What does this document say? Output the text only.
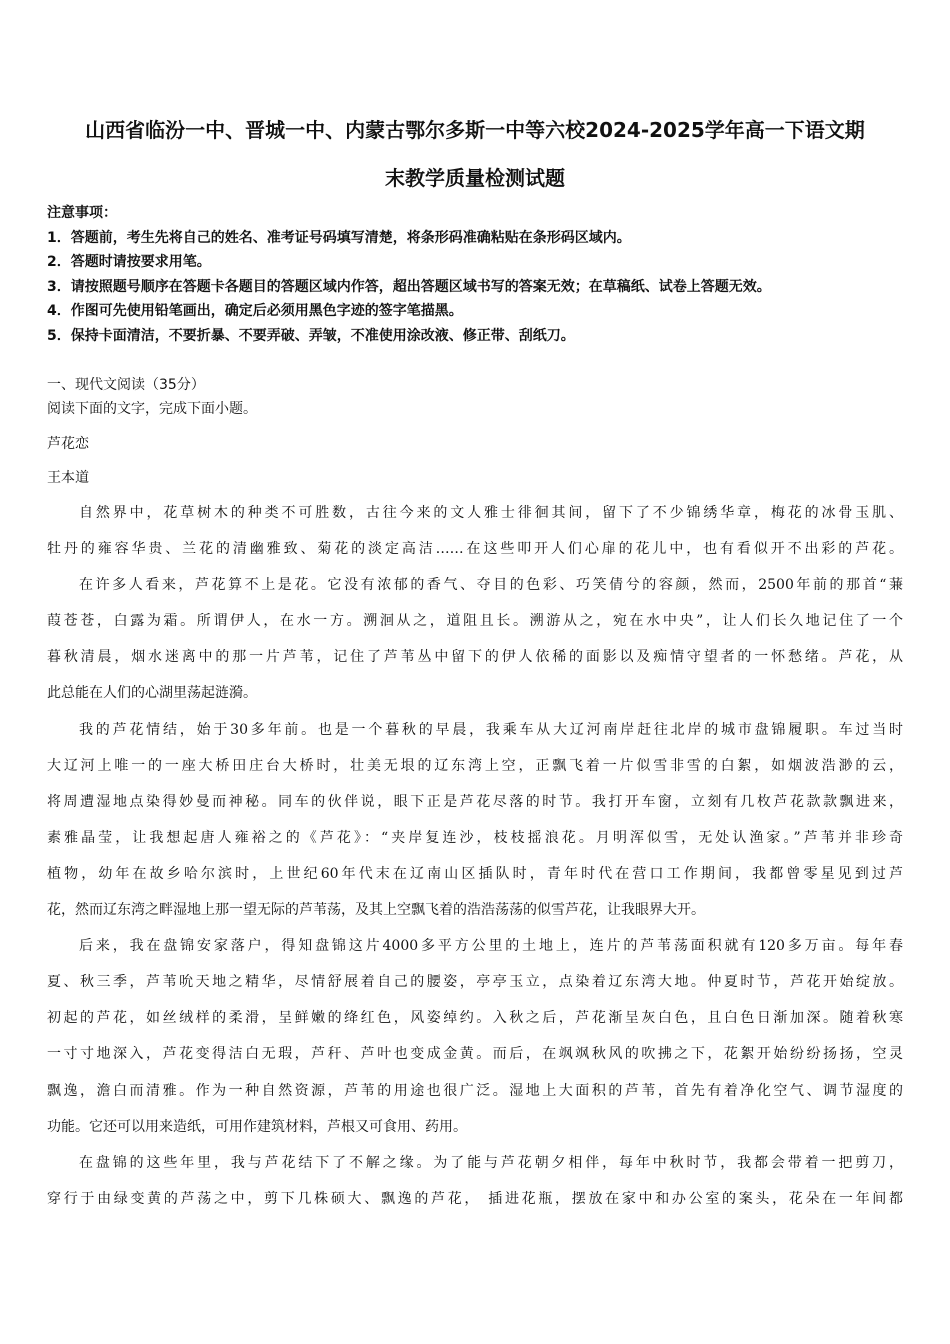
山西省临汾一中、晋城一中、内蒙古鄂尔多斯一中等六校2024-2025学年高一下语文期
末教学质量检测试题
注意事项：
1．答题前，考生先将自己的姓名、准考证号码填写清楚，将条形码准确粘贴在条形码区域内。
2．答题时请按要求用笔。
3．请按照题号顺序在答题卡各题目的答题区域内作答，超出答题区域书写的答案无效；在草稿纸、试卷上答题无效。
4．作图可先使用铅笔画出，确定后必须用黑色字迹的签字笔描黑。
5．保持卡面清洁，不要折暴、不要弄破、弄皱，不准使用涂改液、修正带、刮纸刀。
一、现代文阅读（35分）
阅读下面的文字，完成下面小题。
芦花恋
王本道
自然界中，花草树木的种类不可胜数，古往今来的文人雅士徘徊其间，留下了不少锦绣华章，梅花的冰骨玉肌、
牡丹的雍容华贵、兰花的清幽雅致、菊花的淡定高洁……在这些叩开人们心扉的花儿中，也有看似开不出彩的芦花。
在许多人看来，芦花算不上是花。它没有浓郁的香气、夺目的色彩、巧笑倩兮的容颜，然而，2500年前的那首“蒹
葭苍苍，白露为霜。所谓伊人，在水一方。溯洄从之，道阻且长。溯游从之，宛在水中央”，让人们长久地记住了一个
暮秋清晨，烟水迷离中的那一片芦苇，记住了芦苇丛中留下的伊人依稀的面影以及痴情守望者的一怀愁绪。芦花，从
此总能在人们的心湖里荡起涟漪。
我的芦花情结，始于30多年前。也是一个暮秋的早晨，我乘车从大辽河南岸赶往北岸的城市盘锦履职。车过当时
大辽河上唯一的一座大桥田庄台大桥时，壮美无垠的辽东湾上空，正飘飞着一片似雪非雪的白絮，如烟波浩渺的云，
将周遭湿地点染得妙曼而神秘。同车的伙伴说，眼下正是芦花尽落的时节。我打开车窗，立刻有几枚芦花款款飘进来，
素雅晶莹，让我想起唐人雍裕之的《芦花》：“夹岸复连沙，枝枝摇浪花。月明浑似雪，无处认渔家。”芦苇并非珍奇
植物，幼年在故乡哈尔滨时，上世纪60年代末在辽南山区插队时，青年时代在营口工作期间，我都曾零星见到过芦
花，然而辽东湾之畔湿地上那一望无际的芦苇荡，及其上空飘飞着的浩浩荡荡的似雪芦花，让我眼界大开。
后来，我在盘锦安家落户，得知盘锦这片4000多平方公里的土地上，连片的芦苇荡面积就有120多万亩。每年春
夏、秋三季，芦苇吮天地之精华，尽情舒展着自己的腰姿，亭亭玉立，点染着辽东湾大地。仲夏时节，芦花开始绽放。
初起的芦花，如丝绒样的柔滑，呈鲜嫩的绛红色，风姿绰约。入秋之后，芦花渐呈灰白色，且白色日渐加深。随着秋寒
一寸寸地深入，芦花变得洁白无瑕，芦秆、芦叶也变成金黄。而后，在飒飒秋风的吹拂之下，花絮开始纷纷扬扬，空灵
飘逸，澹白而清雅。作为一种自然资源，芦苇的用途也很广泛。湿地上大面积的芦苇，首先有着净化空气、调节湿度的
功能。它还可以用来造纸，可用作建筑材料，芦根又可食用、药用。
在盘锦的这些年里，我与芦花结下了不解之缘。为了能与芦花朝夕相伴，每年中秋时节，我都会带着一把剪刀，
穿行于由绿变黄的芦荡之中，剪下几株硕大、飘逸的芦花， 插进花瓶，摆放在家中和办公室的案头，花朵在一年间都
